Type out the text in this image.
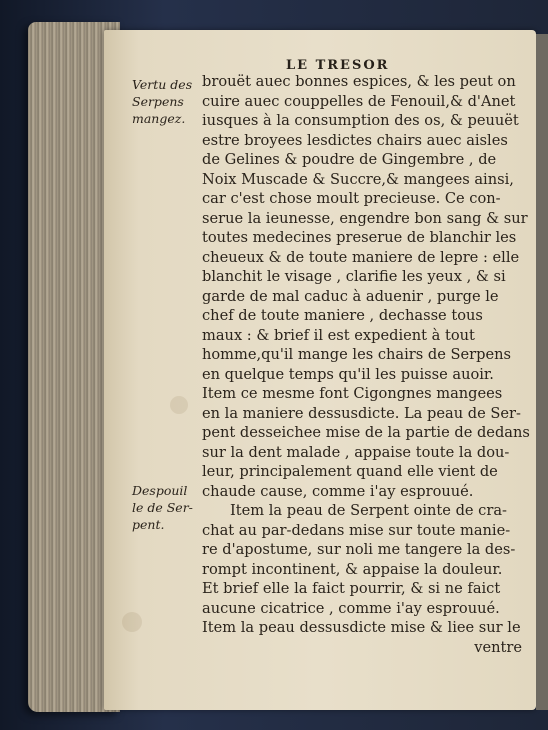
LE TRESOR
Vertu des
Serpens
mangez.
Despouil
le de Ser-
pent.
brouët auec bonnes espices, & les peut on
cuire auec couppelles de Fenouil,& d'Anet
iusques à la consumption des os, & peuuët
estre broyees lesdictes chairs auec aisles
de Gelines & poudre de Gingembre , de
Noix Muscade & Succre,& mangees ainsi,
car c'est chose moult precieuse. Ce con-
serue la ieunesse, engendre bon sang & sur
toutes medecines preserue de blanchir les
cheueux & de toute maniere de lepre : elle
blanchit le visage , clarifie les yeux , & si
garde de mal caduc à aduenir , purge le
chef de toute maniere , dechasse tous
maux : & brief il est expedient à tout
homme,qu'il mange les chairs de Serpens
en quelque temps qu'il les puisse auoir.
Item ce mesme font Cigongnes mangees
en la maniere dessusdicte. La peau de Ser-
pent desseichee mise de la partie de dedans
sur la dent malade , appaise toute la dou-
leur, principalement quand elle vient de
chaude cause, comme i'ay esprouué.
Item la peau de Serpent ointe de cra-
chat au par-dedans mise sur toute manie-
re d'apostume, sur noli me tangere la des-
rompt incontinent, & appaise la douleur.
Et brief elle la faict pourrir, & si ne faict
aucune cicatrice , comme i'ay esprouué.
Item la peau dessusdicte mise & liee sur le
ventre
